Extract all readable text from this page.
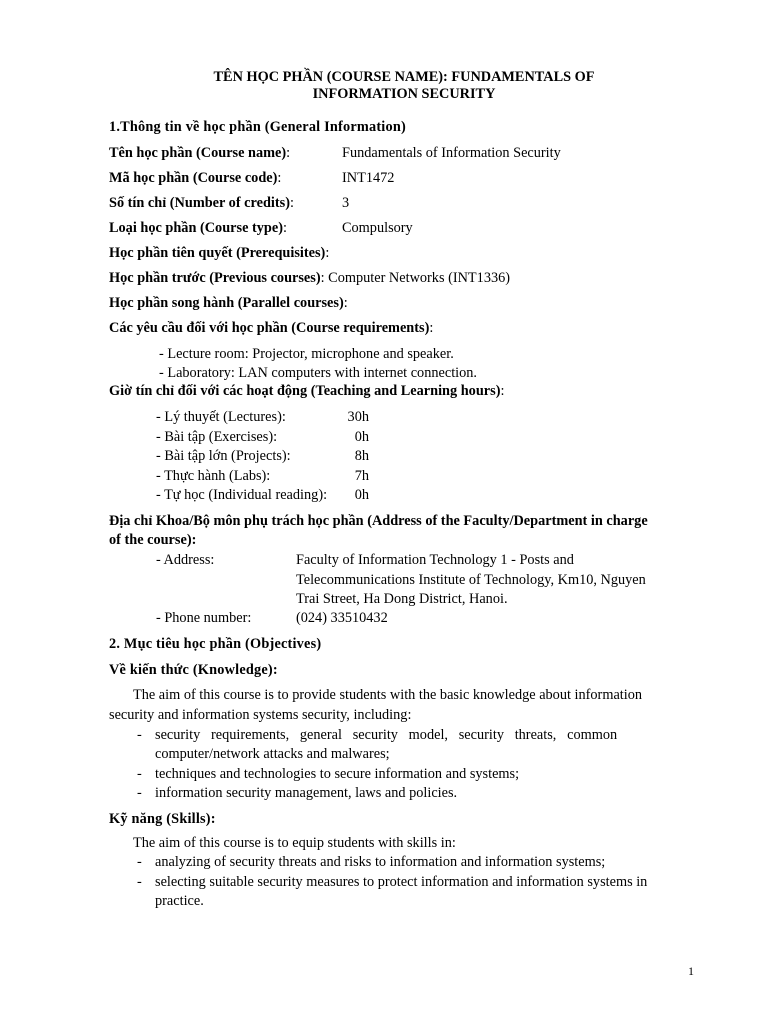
TÊN HỌC PHẦN (COURSE NAME): FUNDAMENTALS OF
INFORMATION SECURITY
1.Thông tin về học phần (General Information)
Tên học phần (Course name):	Fundamentals of Information Security
Mã học phần (Course code):	INT1472
Số tín chỉ (Number of credits):	3
Loại học phần (Course type):	Compulsory
Học phần tiên quyết (Prerequisites):
Học phần trước (Previous courses): Computer Networks (INT1336)
Học phần song hành (Parallel courses):
Các yêu cầu đối với học phần (Course requirements):
- Lecture room: Projector, microphone and speaker.
- Laboratory: LAN computers with internet connection.
Giờ tín chỉ đối với các hoạt động (Teaching and Learning hours):
- Lý thuyết (Lectures):	30h
- Bài tập (Exercises):	0h
- Bài tập lớn (Projects):	8h
- Thực hành (Labs):	7h
- Tự học (Individual reading):	0h
Địa chỉ Khoa/Bộ môn phụ trách học phần (Address of the Faculty/Department in charge
of the course):
- Address:	Faculty of Information Technology 1 - Posts and
Telecommunications Institute of Technology, Km10, Nguyen
Trai Street, Ha Dong District, Hanoi.
- Phone number:	(024) 33510432
2. Mục tiêu học phần (Objectives)
Về kiến thức (Knowledge):
The aim of this course is to provide students with the basic knowledge about information
security and information systems security, including:
- security   requirements,   general   security   model,   security   threats,   common
computer/network attacks and malwares;
- techniques and technologies to secure information and systems;
- information security management, laws and policies.
Kỹ năng (Skills):
The aim of this course is to equip students with skills in:
- analyzing of security threats and risks to information and information systems;
- selecting suitable security measures to protect information and information systems in
practice.
1
